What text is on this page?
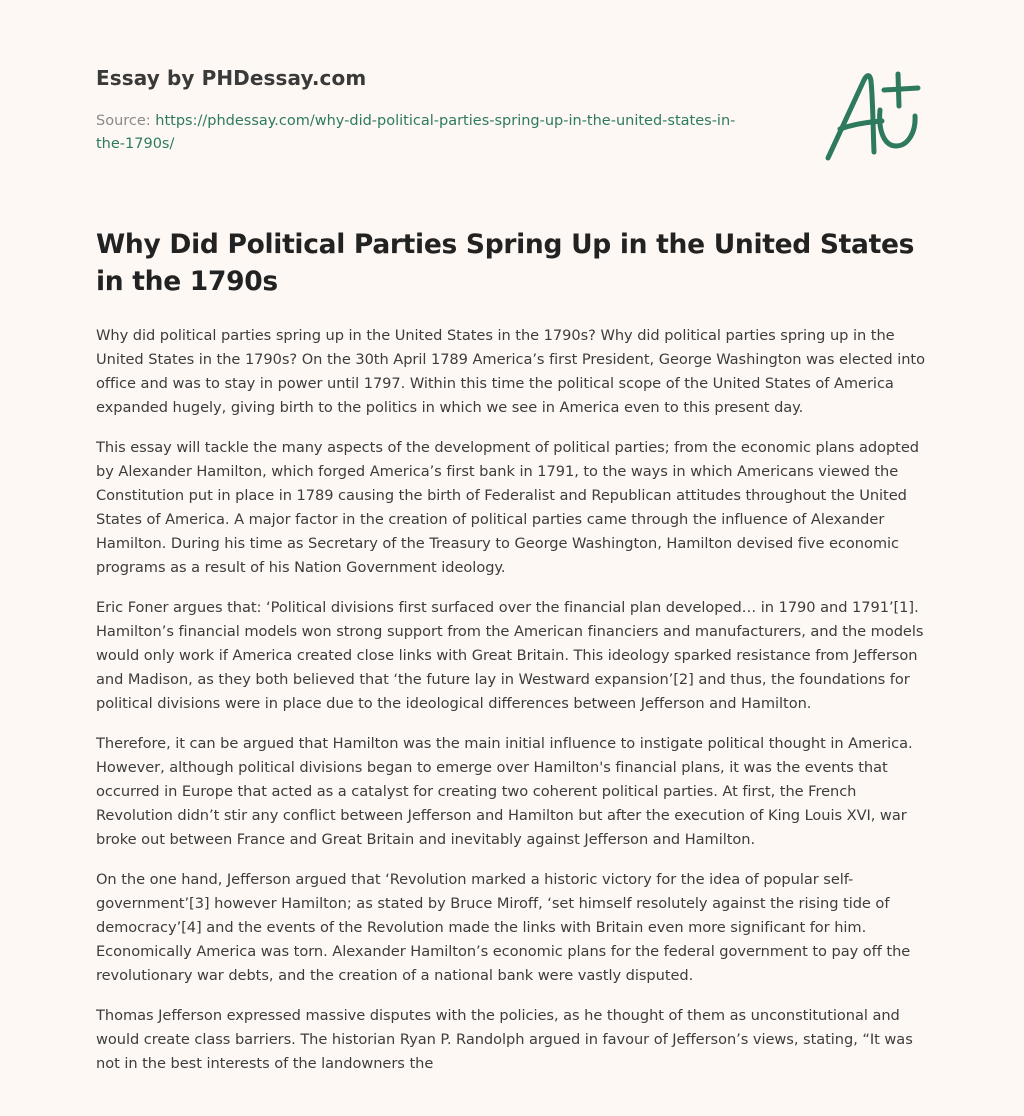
Essay by PHDessay.com
Source: https://phdessay.com/why-did-political-parties-spring-up-in-the-united-states-in-the-1790s/
Why Did Political Parties Spring Up in the United States in the 1790s

Why did political parties spring up in the United States in the 1790s? Why did political parties spring up in the United States in the 1790s? On the 30th April 1789 America’s first President, George Washington was elected into office and was to stay in power until 1797. Within this time the political scope of the United States of America expanded hugely, giving birth to the politics in which we see in America even to this present day.

This essay will tackle the many aspects of the development of political parties; from the economic plans adopted by Alexander Hamilton, which forged America’s first bank in 1791, to the ways in which Americans viewed the Constitution put in place in 1789 causing the birth of Federalist and Republican attitudes throughout the United States of America. A major factor in the creation of political parties came through the influence of Alexander Hamilton. During his time as Secretary of the Treasury to George Washington, Hamilton devised five economic programs as a result of his Nation Government ideology.

Eric Foner argues that: ‘Political divisions first surfaced over the financial plan developed… in 1790 and 1791’[1]. Hamilton’s financial models won strong support from the American financiers and manufacturers, and the models would only work if America created close links with Great Britain. This ideology sparked resistance from Jefferson and Madison, as they both believed that ‘the future lay in Westward expansion’[2] and thus, the foundations for political divisions were in place due to the ideological differences between Jefferson and Hamilton.

Therefore, it can be argued that Hamilton was the main initial influence to instigate political thought in America. However, although political divisions began to emerge over Hamilton's financial plans, it was the events that occurred in Europe that acted as a catalyst for creating two coherent political parties. At first, the French Revolution didn’t stir any conflict between Jefferson and Hamilton but after the execution of King Louis XVI, war broke out between France and Great Britain and inevitably against Jefferson and Hamilton.

On the one hand, Jefferson argued that ‘Revolution marked a historic victory for the idea of popular self-government’[3] however Hamilton; as stated by Bruce Miroff, ‘set himself resolutely against the rising tide of democracy’[4] and the events of the Revolution made the links with Britain even more significant for him. Economically America was torn. Alexander Hamilton’s economic plans for the federal government to pay off the revolutionary war debts, and the creation of a national bank were vastly disputed.

Thomas Jefferson expressed massive disputes with the policies, as he thought of them as unconstitutional and would create class barriers. The historian Ryan P. Randolph argued in favour of Jefferson’s views, stating, “It was not in the best interests of the landowners the
